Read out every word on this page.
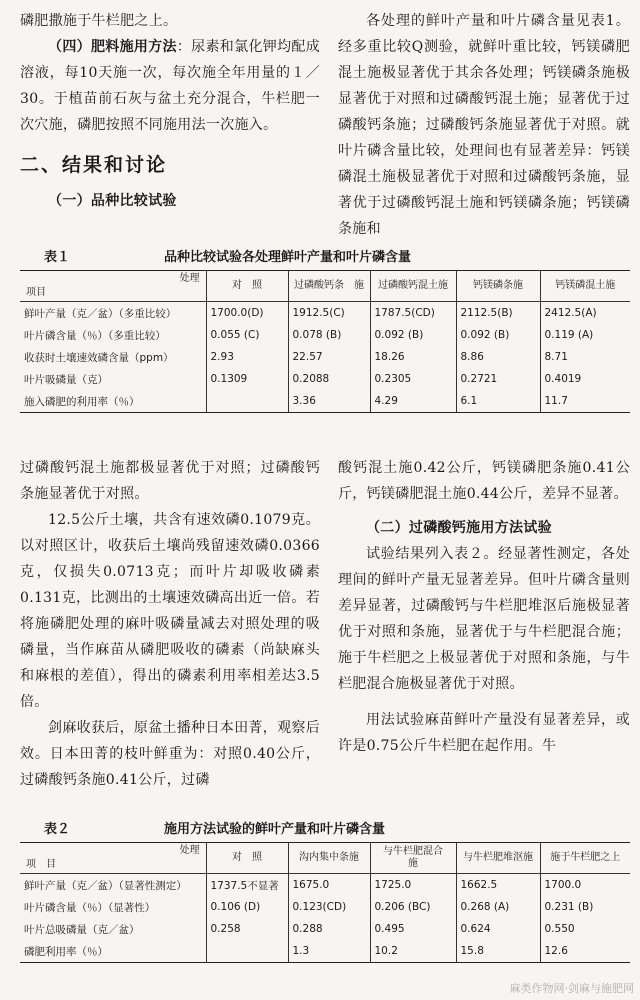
磷肥撒施于牛栏肥之上。

（四）肥料施用方法：尿素和氯化钾均配成溶液，每10天施一次，每次施全年用量的１／30。于植苗前石灰与盆土充分混合，牛栏肥一次穴施，磷肥按照不同施用法一次施入。

二、结果和讨论

（一）品种比较试验

各处理的鲜叶产量和叶片磷含量见表1。经多重比较Q测验，就鲜叶重比较，钙镁磷肥混土施极显著优于其余各处理；钙镁磷条施极显著优于对照和过磷酸钙混土施；显著优于过磷酸钙条施；过磷酸钙条施显著优于对照。就叶片磷含量比较，处理间也有显著差异：钙镁磷混土施极显著优于对照和过磷酸钙条施，显著优于过磷酸钙混土施和钙镁磷条施；钙镁磷条施和

表１	品种比较试验各处理鲜叶产量和叶片磷含量
处理
项目	对　照	过磷酸钙条　施	过磷酸钙混土施	钙镁磷条施	钙镁磷混土施
鲜叶产量（克／盆）（多重比较）	1700.0(D)	1912.5(C)	1787.5(CD)	2112.5(B)	2412.5(A)
叶片磷含量（％）（多重比较）	0.055 (C)	0.078 (B)	0.092 (B)	0.092 (B)	0.119 (A)
收获时土壤速效磷含量（ppm）	2.93	22.57	18.26	8.86	8.71
叶片吸磷量（克）	0.1309	0.2088	0.2305	0.2721	0.4019
施入磷肥的利用率（％）		3.36	4.29	6.1	11.7

过磷酸钙混土施都极显著优于对照；过磷酸钙条施显著优于对照。

12.5公斤土壤，共含有速效磷0.1079克。以对照区计，收获后土壤尚残留速效磷0.0366克，仅损失0.0713克；而叶片却吸收磷素0.131克，比测出的土壤速效磷高出近一倍。若将施磷肥处理的麻叶吸磷量减去对照处理的吸磷量，当作麻苗从磷肥吸收的磷素（尚缺麻头和麻根的差值），得出的磷素利用率相差达3.5倍。

剑麻收获后，原盆土播种日本田菁，观察后效。日本田菁的枝叶鲜重为：对照0.40公斤，过磷酸钙条施0.41公斤，过磷

酸钙混土施0.42公斤，钙镁磷肥条施0.41公斤，钙镁磷肥混土施0.44公斤，差异不显著。

（二）过磷酸钙施用方法试验

试验结果列入表２。经显著性测定，各处理间的鲜叶产量无显著差异。但叶片磷含量则差异显著，过磷酸钙与牛栏肥堆沤后施极显著优于对照和条施，显著优于与牛栏肥混合施；施于牛栏肥之上极显著优于对照和条施，与牛栏肥混合施极显著优于对照。

用法试验麻苗鲜叶产量没有显著差异，或许是0.75公斤牛栏肥在起作用。牛

表２	施用方法试验的鲜叶产量和叶片磷含量
处理
项　目	对　照	沟内集中条施	与牛栏肥混合　　施	与牛栏肥堆沤施	施于牛栏肥之上
鲜叶产量（克／盆）（显著性测定）	1737.5不显著	1675.0	1725.0	1662.5	1700.0
叶片磷含量（％）（显著性）	0.106 (D)	0.123(CD)	0.206 (BC)	0.268 (A)	0.231 (B)
叶片总吸磷量（克／盆）	0.258	0.288	0.495	0.624	0.550
磷肥利用率（％）		1.3	10.2	15.8	12.6
麻类作物网·剑麻与施肥网
